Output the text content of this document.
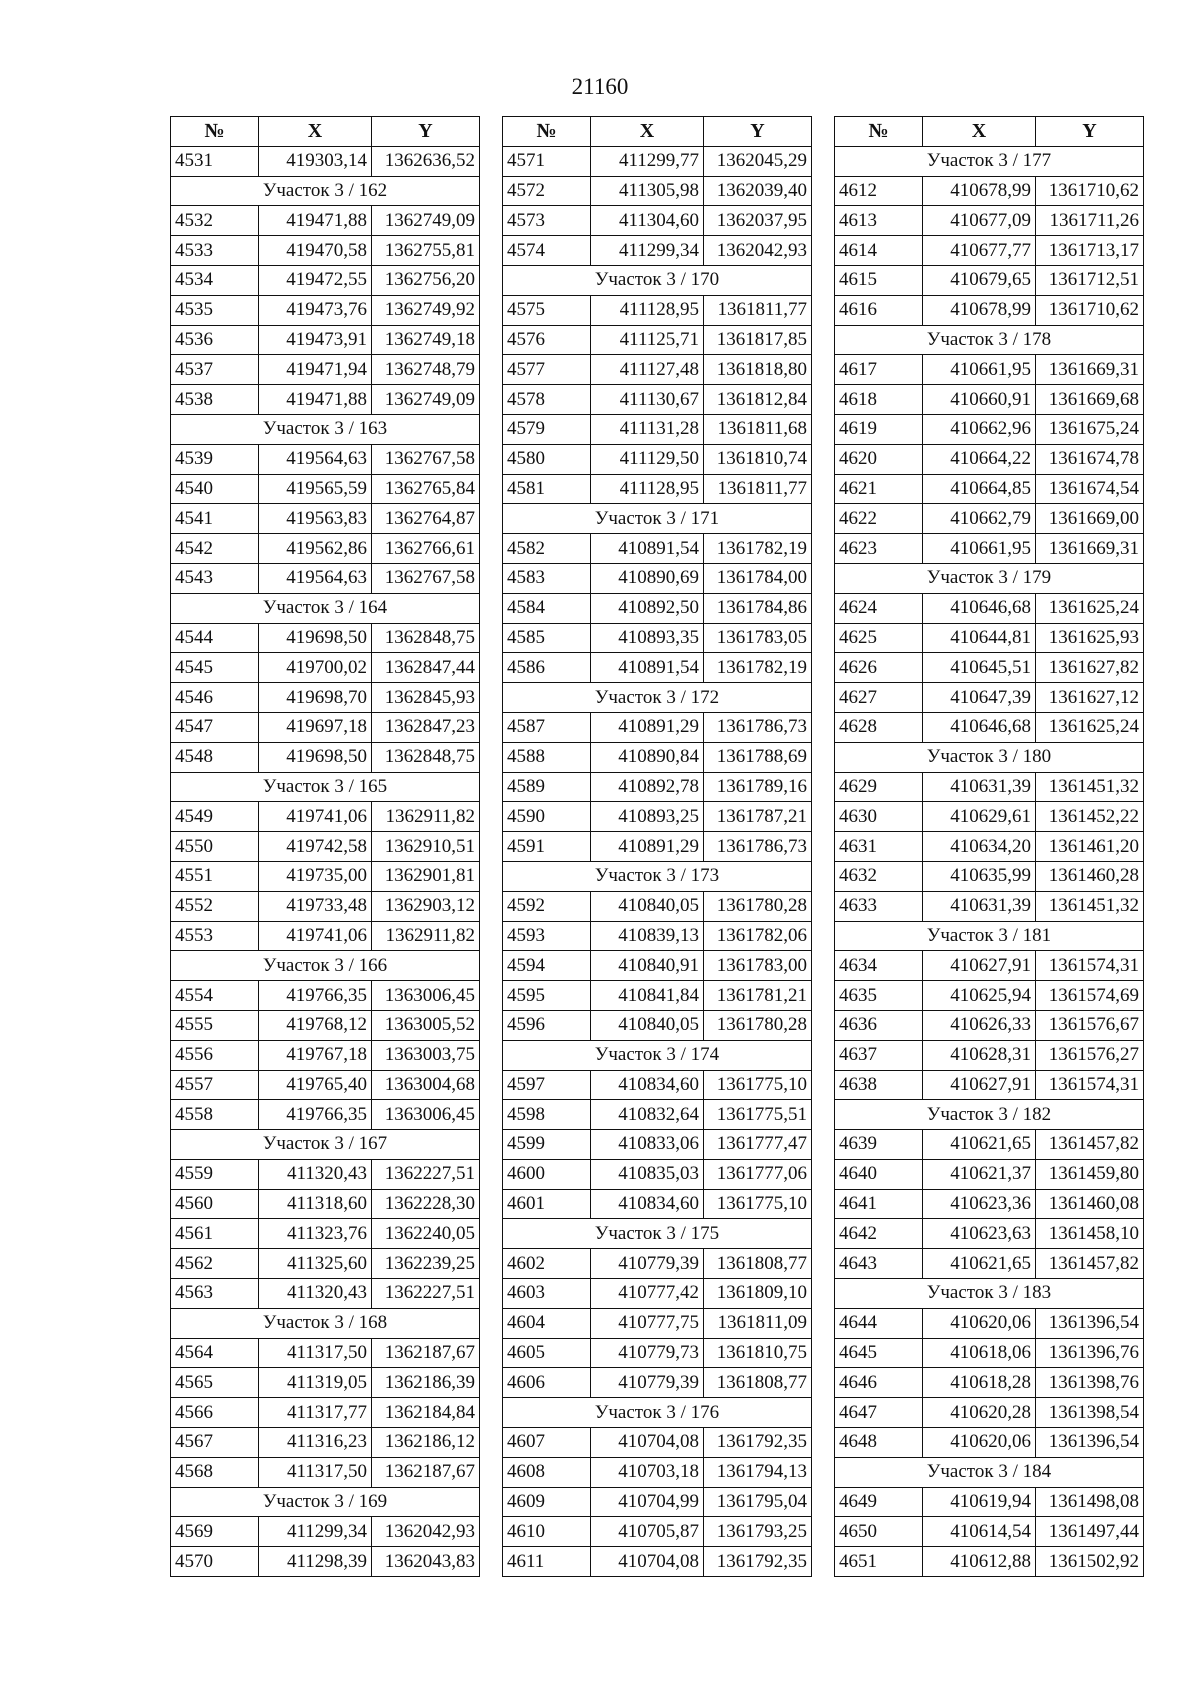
21160
№	X	Y
4531	419303,14	1362636,52
Участок 3 / 162		
4532	419471,88	1362749,09
4533	419470,58	1362755,81
4534	419472,55	1362756,20
4535	419473,76	1362749,92
4536	419473,91	1362749,18
4537	419471,94	1362748,79
4538	419471,88	1362749,09
Участок 3 / 163		
4539	419564,63	1362767,58
4540	419565,59	1362765,84
4541	419563,83	1362764,87
4542	419562,86	1362766,61
4543	419564,63	1362767,58
Участок 3 / 164		
4544	419698,50	1362848,75
4545	419700,02	1362847,44
4546	419698,70	1362845,93
4547	419697,18	1362847,23
4548	419698,50	1362848,75
Участок 3 / 165		
4549	419741,06	1362911,82
4550	419742,58	1362910,51
4551	419735,00	1362901,81
4552	419733,48	1362903,12
4553	419741,06	1362911,82
Участок 3 / 166		
4554	419766,35	1363006,45
4555	419768,12	1363005,52
4556	419767,18	1363003,75
4557	419765,40	1363004,68
4558	419766,35	1363006,45
Участок 3 / 167		
4559	411320,43	1362227,51
4560	411318,60	1362228,30
4561	411323,76	1362240,05
4562	411325,60	1362239,25
4563	411320,43	1362227,51
Участок 3 / 168		
4564	411317,50	1362187,67
4565	411319,05	1362186,39
4566	411317,77	1362184,84
4567	411316,23	1362186,12
4568	411317,50	1362187,67
Участок 3 / 169		
4569	411299,34	1362042,93
4570	411298,39	1362043,83
№	X	Y
4571	411299,77	1362045,29
4572	411305,98	1362039,40
4573	411304,60	1362037,95
4574	411299,34	1362042,93
Участок 3 / 170		
4575	411128,95	1361811,77
4576	411125,71	1361817,85
4577	411127,48	1361818,80
4578	411130,67	1361812,84
4579	411131,28	1361811,68
4580	411129,50	1361810,74
4581	411128,95	1361811,77
Участок 3 / 171		
4582	410891,54	1361782,19
4583	410890,69	1361784,00
4584	410892,50	1361784,86
4585	410893,35	1361783,05
4586	410891,54	1361782,19
Участок 3 / 172		
4587	410891,29	1361786,73
4588	410890,84	1361788,69
4589	410892,78	1361789,16
4590	410893,25	1361787,21
4591	410891,29	1361786,73
Участок 3 / 173		
4592	410840,05	1361780,28
4593	410839,13	1361782,06
4594	410840,91	1361783,00
4595	410841,84	1361781,21
4596	410840,05	1361780,28
Участок 3 / 174		
4597	410834,60	1361775,10
4598	410832,64	1361775,51
4599	410833,06	1361777,47
4600	410835,03	1361777,06
4601	410834,60	1361775,10
Участок 3 / 175		
4602	410779,39	1361808,77
4603	410777,42	1361809,10
4604	410777,75	1361811,09
4605	410779,73	1361810,75
4606	410779,39	1361808,77
Участок 3 / 176		
4607	410704,08	1361792,35
4608	410703,18	1361794,13
4609	410704,99	1361795,04
4610	410705,87	1361793,25
4611	410704,08	1361792,35
№	X	Y
Участок 3 / 177		
4612	410678,99	1361710,62
4613	410677,09	1361711,26
4614	410677,77	1361713,17
4615	410679,65	1361712,51
4616	410678,99	1361710,62
Участок 3 / 178		
4617	410661,95	1361669,31
4618	410660,91	1361669,68
4619	410662,96	1361675,24
4620	410664,22	1361674,78
4621	410664,85	1361674,54
4622	410662,79	1361669,00
4623	410661,95	1361669,31
Участок 3 / 179		
4624	410646,68	1361625,24
4625	410644,81	1361625,93
4626	410645,51	1361627,82
4627	410647,39	1361627,12
4628	410646,68	1361625,24
Участок 3 / 180		
4629	410631,39	1361451,32
4630	410629,61	1361452,22
4631	410634,20	1361461,20
4632	410635,99	1361460,28
4633	410631,39	1361451,32
Участок 3 / 181		
4634	410627,91	1361574,31
4635	410625,94	1361574,69
4636	410626,33	1361576,67
4637	410628,31	1361576,27
4638	410627,91	1361574,31
Участок 3 / 182		
4639	410621,65	1361457,82
4640	410621,37	1361459,80
4641	410623,36	1361460,08
4642	410623,63	1361458,10
4643	410621,65	1361457,82
Участок 3 / 183		
4644	410620,06	1361396,54
4645	410618,06	1361396,76
4646	410618,28	1361398,76
4647	410620,28	1361398,54
4648	410620,06	1361396,54
Участок 3 / 184		
4649	410619,94	1361498,08
4650	410614,54	1361497,44
4651	410612,88	1361502,92
